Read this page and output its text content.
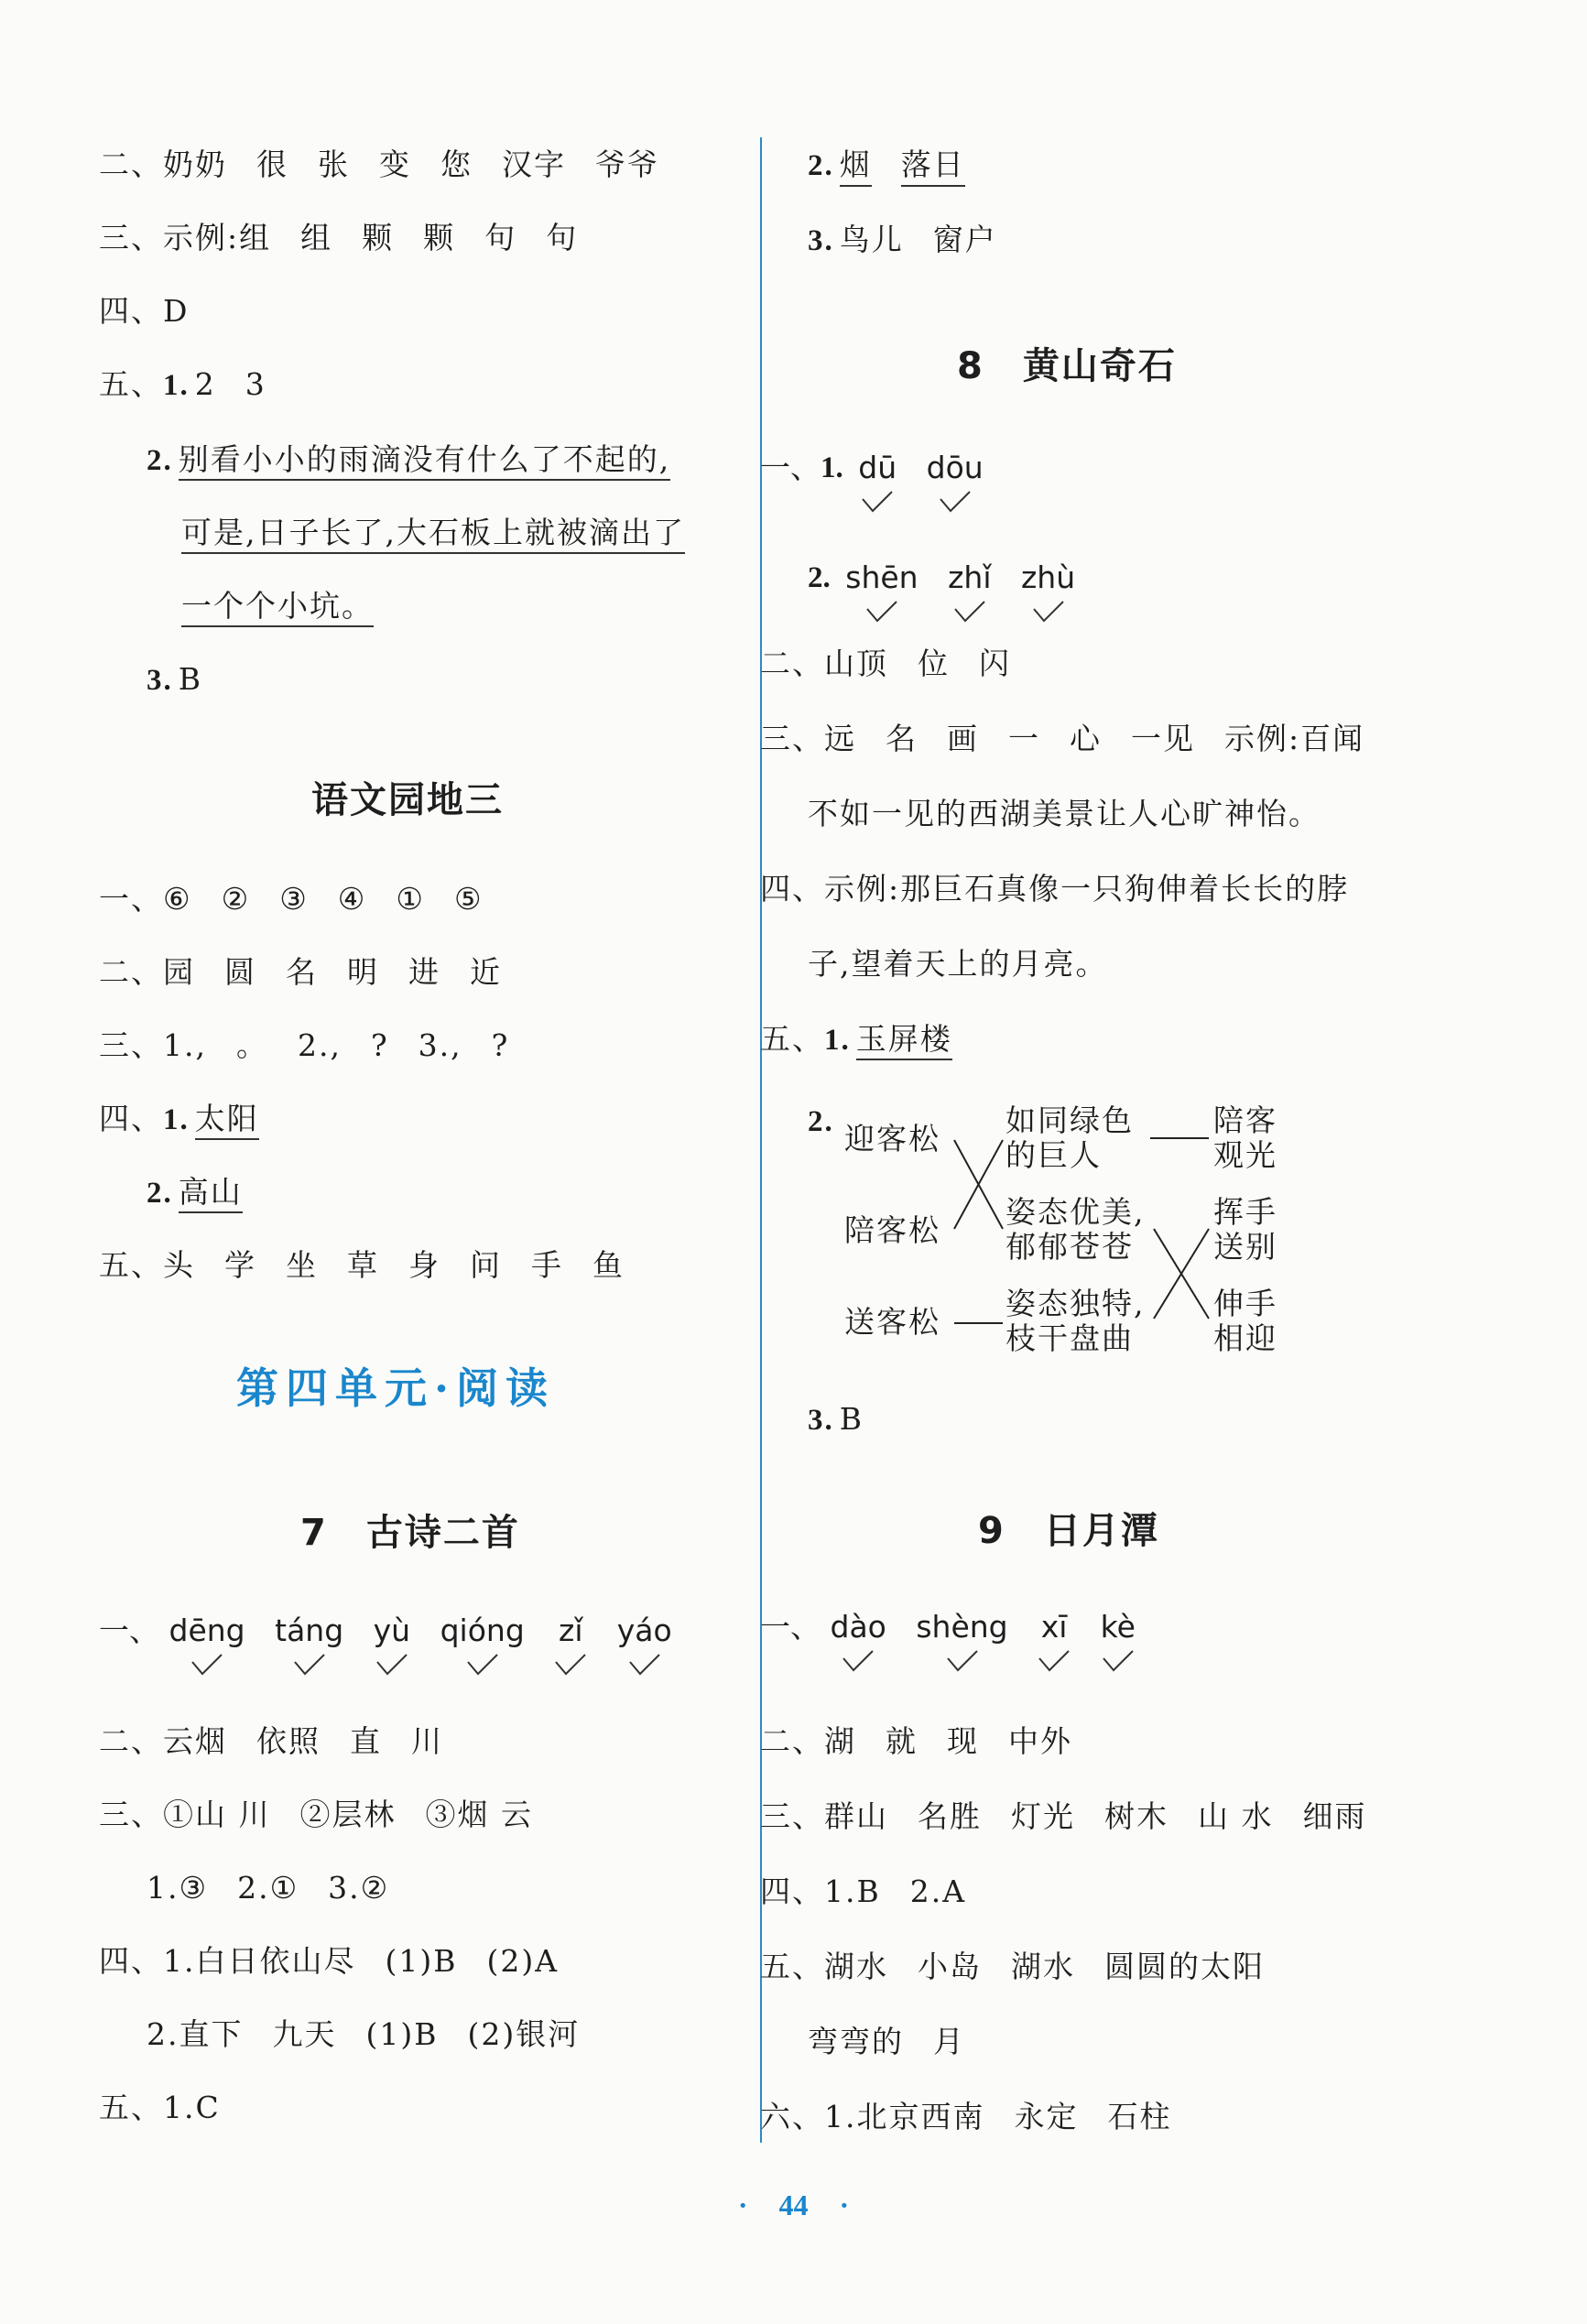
二、奶奶 很 张 变 您 汉字 爷爷
三、示例:组 组 颗 颗 句 句
四、D
五、1. 2 3
2. 别看小小的雨滴没有什么了不起的,
可是,日子长了,大石板上就被滴出了
一个个小坑。
3. B
语文园地三
一、⑥ ② ③ ④ ① ⑤
二、园 圆 名 明 进 近
三、1., 。 2., ? 3., ?
四、1. 太阳
2. 高山
五、头 学 坐 草 身 问 手 鱼
第四单元·阅读
7　古诗二首
一、 dēng
táng
yù
qióng
zǐ
yáo
二、云烟 依照 直 川
三、①山 川 ②层林 ③烟 云
1.③ 2.① 3.②
四、1.白日依山尽 (1)B (2)A
2.直下 九天 (1)B (2)银河
五、1.C
2. 烟 落日
3. 鸟儿 窗户
8　黄山奇石
一、1. dū
dōu
2. shēn
zhǐ
zhù
二、山顶 位 闪
三、远 名 画 一 心 一见 示例:百闻
不如一见的西湖美景让人心旷神怡。
四、示例:那巨石真像一只狗伸着长长的脖
子,望着天上的月亮。
五、1. 玉屏楼
2. 迎客松
陪客松
送客松
如同绿色
的巨人
姿态优美,
郁郁苍苍
姿态独特,
枝干盘曲
陪客
观光
挥手
送别
伸手
相迎
3. B
9　日月潭
一、 dào
shèng
xī
kè
二、湖 就 现 中外
三、群山 名胜 灯光 树木 山 水 细雨
四、1.B 2.A
五、湖水 小岛 湖水 圆圆的太阳
弯弯的 月
六、1.北京西南 永定 石柱
· 44 ·
